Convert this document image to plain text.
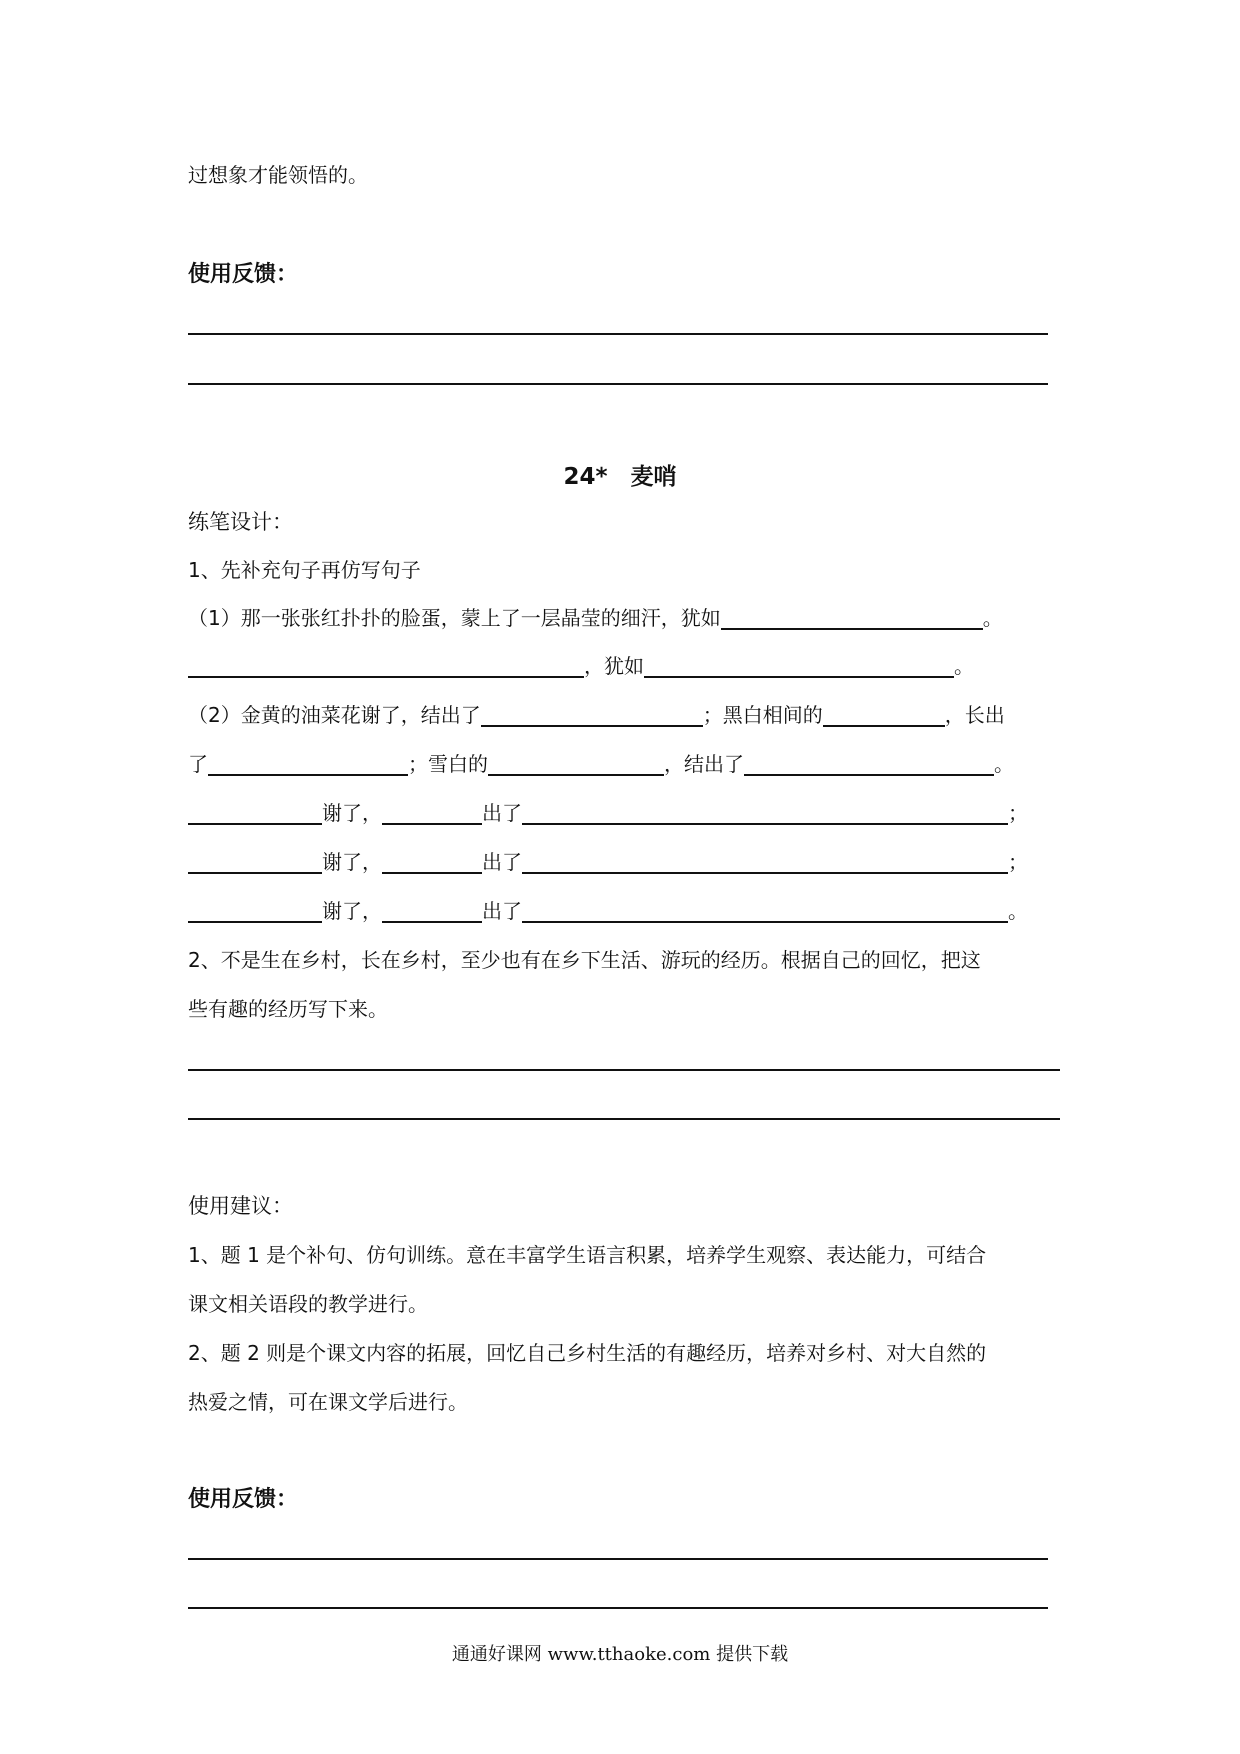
过想象才能领悟的。
使用反馈：
24*　麦哨
练笔设计：
1、先补充句子再仿写句子
（1）那一张张红扑扑的脸蛋，蒙上了一层晶莹的细汗，犹如	。
，犹如	。
（2）金黄的油菜花谢了，结出了	；黑白相间的	，长出
了	；雪白的	，结出了	。
谢了，	出了	；
谢了，	出了	；
谢了，	出了	。
2、不是生在乡村，长在乡村，至少也有在乡下生活、游玩的经历。根据自己的回忆，把这
些有趣的经历写下来。
使用建议：
1、题 1 是个补句、仿句训练。意在丰富学生语言积累，培养学生观察、表达能力，可结合
课文相关语段的教学进行。
2、题 2 则是个课文内容的拓展，回忆自己乡村生活的有趣经历，培养对乡村、对大自然的
热爱之情，可在课文学后进行。
使用反馈：
通通好课网 www.tthaoke.com 提供下载
